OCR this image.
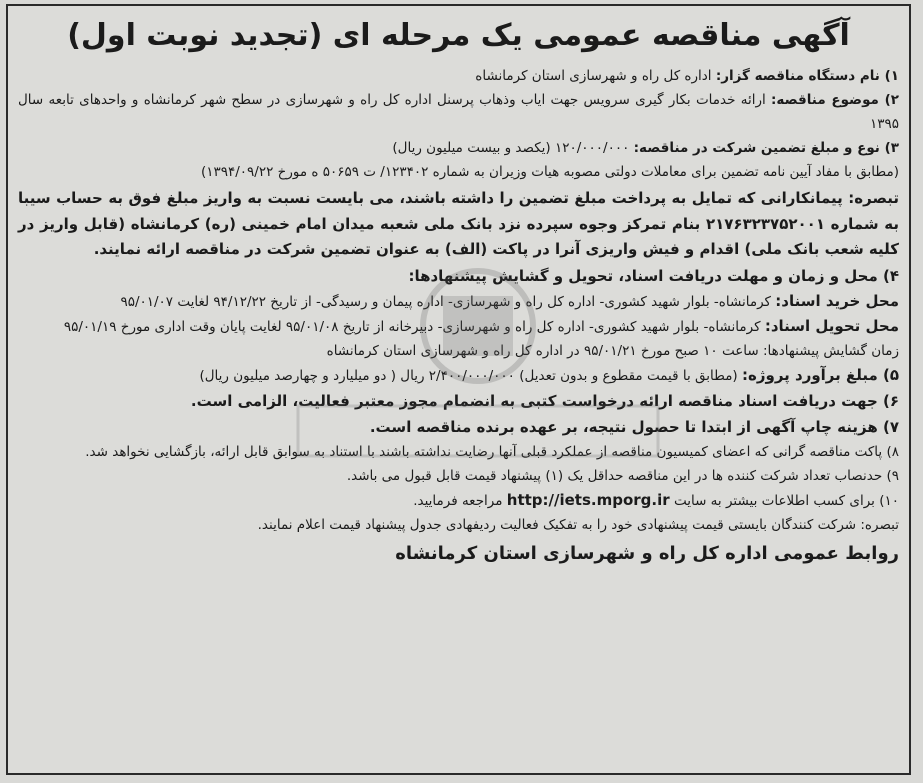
آگهی مناقصه عمومی یک مرحله ای (تجدید نوبت اول)

۱) نام دستگاه مناقصه گزار: اداره کل راه و شهرسازی استان کرمانشاه

۲) موضوع مناقصه: ارائه خدمات بکار گیری سرویس جهت ایاب وذهاب پرسنل اداره کل راه و شهرسازی در سطح شهر کرمانشاه و واحدهای تابعه سال ۱۳۹۵

۳) نوع و مبلغ تضمین شرکت در مناقصه: ۱۲۰/۰۰۰/۰۰۰ (یکصد و بیست میلیون ریال)

(مطابق با مفاد آیین نامه تضمین برای معاملات دولتی مصوبه هیات وزیران به شماره ۱۲۳۴۰۲/ ت ۵۰۶۵۹ ه مورخ ۱۳۹۴/۰۹/۲۲)

تبصره: پیمانکارانی که تمایل به پرداخت مبلغ تضمین را داشته باشند، می بایست نسبت به واریز مبلغ فوق به حساب سیبا به شماره ۲۱۷۶۳۲۳۷۵۲۰۰۱ بنام تمرکز وجوه سپرده نزد بانک ملی شعبه میدان امام خمینی (ره) کرمانشاه (قابل واریز در کلیه شعب بانک ملی) اقدام و فیش واریزی آنرا در پاکت (الف) به عنوان تضمین شرکت در مناقصه ارائه نمایند.

۴) محل و زمان و مهلت دریافت اسناد، تحویل و گشایش پیشنهادها:

محل خرید اسناد: کرمانشاه- بلوار شهید کشوری- اداره کل راه و شهرسازی- اداره پیمان و رسیدگی- از تاریخ ۹۴/۱۲/۲۲ لغایت ۹۵/۰۱/۰۷

محل تحویل اسناد: کرمانشاه- بلوار شهید کشوری- اداره کل راه و شهرسازی- دبیرخانه از تاریخ ۹۵/۰۱/۰۸ لغایت پایان وقت اداری مورخ ۹۵/۰۱/۱۹

زمان گشایش پیشنهادها: ساعت ۱۰ صبح مورخ ۹۵/۰۱/۲۱ در اداره کل راه و شهرسازی استان کرمانشاه

۵) مبلغ برآورد پروژه: (مطابق با قیمت مقطوع و بدون تعدیل) ۲/۴۰۰/۰۰۰/۰۰۰ ریال ( دو میلیارد و چهارصد میلیون ریال)

۶) جهت دریافت اسناد مناقصه ارائه درخواست کتبی به انضمام مجوز معتبر فعالیت، الزامی است.

۷) هزینه چاپ آگهی از ابتدا تا حصول نتیجه، بر عهده برنده مناقصه است.

۸) پاکت مناقصه گرانی که اعضای کمیسیون مناقصه از عملکرد قبلی آنها رضایت نداشته باشند با استناد به سوابق قابل ارائه، بازگشایی نخواهد شد.

۹) حدنصاب تعداد شرکت کننده ها در این مناقصه حداقل یک (۱) پیشنهاد قیمت قابل قبول می باشد.

۱۰) برای کسب اطلاعات بیشتر به سایت http://iets.mporg.ir مراجعه فرمایید.

تبصره: شرکت کنندگان بایستی قیمت پیشنهادی خود را به تفکیک فعالیت ردیفهادی جدول پیشنهاد قیمت اعلام نمایند.

روابط عمومی اداره کل راه و شهرسازی استان کرمانشاه
